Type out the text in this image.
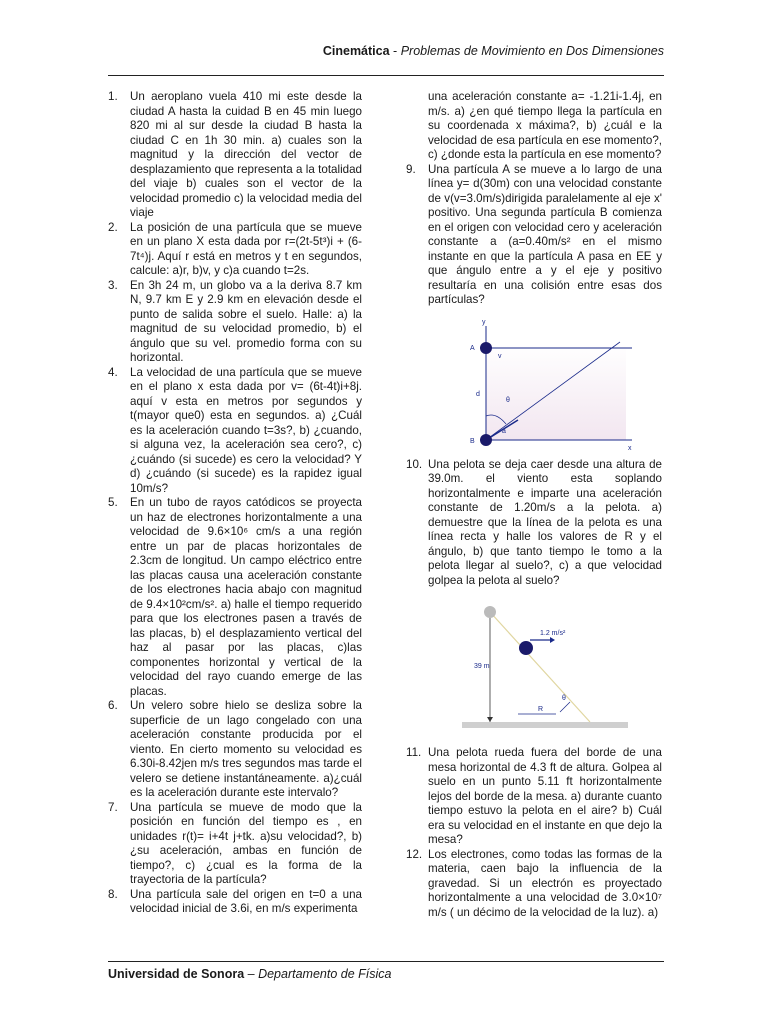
Cinemática - Problemas de Movimiento en Dos Dimensiones
1. Un aeroplano vuela 410 mi este desde la ciudad A hasta la cuidad B en 45 min luego 820 mi al sur desde la ciudad B hasta la ciudad C en 1h 30 min. a) cuales son la magnitud y la dirección del vector de desplazamiento que representa a la totalidad del viaje b) cuales son el vector de la velocidad promedio c) la velocidad media del viaje

2. La posición de una partícula que se mueve en un plano X esta dada por r=(2t-5t³)i + (6-7t⁴)j. Aquí r está en metros y t en segundos, calcule: a)r, b)v, y c)a cuando t=2s.

3. En 3h 24 m, un globo va a la deriva 8.7 km N, 9.7 km E y 2.9 km en elevación desde el punto de salida sobre el suelo. Halle: a) la magnitud de su velocidad promedio, b) el ángulo que su vel. promedio forma con su horizontal.

4. La velocidad de una partícula que se mueve en el plano x esta dada por v= (6t-4t)i+8j. aquí v esta en metros por segundos y t(mayor que0) esta en segundos. a) ¿Cuál es la aceleración cuando t=3s?, b) ¿cuando, si alguna vez, la aceleración sea cero?, c) ¿cuándo (si sucede) es cero la velocidad? Y d) ¿cuándo (si sucede) es la rapidez igual 10m/s?

5. En un tubo de rayos catódicos se proyecta un haz de electrones horizontalmente a una velocidad de 9.6×10⁶ cm/s a una región entre un par de placas horizontales de 2.3cm de longitud. Un campo eléctrico entre las placas causa una aceleración constante de los electrones hacia abajo con magnitud de 9.4×10²cm/s². a) halle el tiempo requerido para que los electrones pasen a través de las placas, b) el desplazamiento vertical del haz al pasar por las placas, c)las componentes horizontal y vertical de la velocidad del rayo cuando emerge de las placas.

6. Un velero sobre hielo se desliza sobre la superficie de un lago congelado con una aceleración constante producida por el viento. En cierto momento su velocidad es 6.30i-8.42jen m/s tres segundos mas tarde el velero se detiene instantáneamente. a)¿cuál es la aceleración durante este intervalo?

7. Una partícula se mueve de modo que la posición en función del tiempo es , en unidades r(t)= i+4t j+tk. a)su velocidad?, b) ¿su aceleración, ambas en función de tiempo?, c) ¿cual es la forma de la trayectoria de la partícula?

8. Una partícula sale del origen en t=0 a una velocidad inicial de 3.6i, en m/s experimenta

una aceleración constante a= -1.21i-1.4j, en m/s. a) ¿en qué tiempo llega la partícula en su coordenada x máxima?, b) ¿cuál e la velocidad de esa partícula en ese momento?, c) ¿donde esta la partícula en ese momento?

9. Una partícula A se mueve a lo largo de una línea y= d(30m) con una velocidad constante de v(v=3.0m/s)dirigida paralelamente al eje x' positivo. Una segunda partícula B comienza en el origen con velocidad cero y aceleración constante a (a=0.40m/s² en el mismo instante en que la partícula A pasa en EE y que ángulo entre a y el eje y positivo resultaría en una colisión entre esas dos partículas?

y
x
A
B
v
d
θ
a
10. Una pelota se deja caer desde una altura de 39.0m. el viento esta soplando horizontalmente e imparte una aceleración constante de 1.20m/s a la pelota. a) demuestre que la línea de la pelota es una línea recta y halle los valores de R y el ángulo, b) que tanto tiempo le tomo a la pelota llegar al suelo?, c) a que velocidad golpea la pelota al suelo?

1.2 m/s²
39 m
R
θ
11. Una pelota rueda fuera del borde de una mesa horizontal de 4.3 ft de altura. Golpea al suelo en un punto 5.11 ft horizontalmente lejos del borde de la mesa. a) durante cuanto tiempo estuvo la pelota en el aire? b) Cuál era su velocidad en el instante en que dejo la mesa?

12. Los electrones, como todas las formas de la materia, caen bajo la influencia de la gravedad. Si un electrón es proyectado horizontalmente a una velocidad de 3.0×10⁷ m/s ( un décimo de la velocidad de la luz). a)

Universidad de Sonora – Departamento de Física
